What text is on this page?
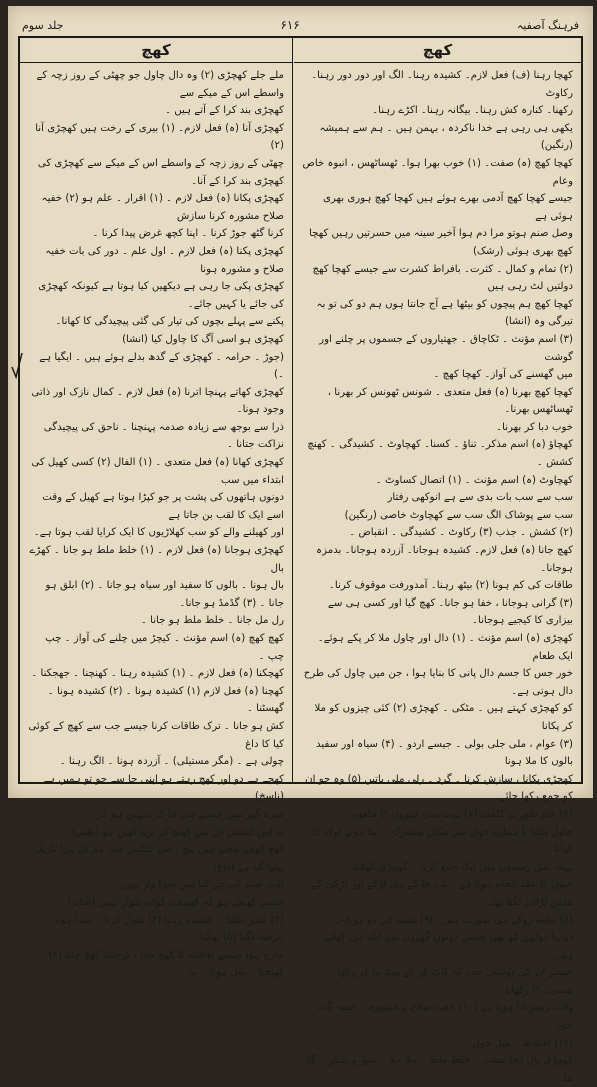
جلد سوم	۶۱۶	فرہنگ آصفیہ
کھچ

ملے جلے کھچڑی (۲) وہ دال چاول جو چھٹی کے روز زچہ کے واسطے اس کے میکے سے

کھچڑی بند کرا کے آتے ہیں ۔

کھچڑی آنا (ہ) فعل لازم۔ (۱) بیری کے رخت ہیں کھچڑی آنا (۲)

چھٹی کے روز زچہ کے واسطے اس کے میکے سے کھچڑی کی کھچڑی بند کرا کے آنا۔

کھچڑی پکانا (ہ) فعل لازم ۔ (۱) اقرار ۔ علم ہو (۲) خفیہ صلاح مشورہ کرنا سازش

کرنا گٹھ جوڑ کرنا ۔ اپنا کچھ غرض پیدا کرنا ۔

کھچڑی پکنا (ہ) فعل لازم ۔ اول علم ۔ دور کی بات خفیہ صلاح و مشورہ ہونا

کھچڑی پکی جا رہی ہے دیکھیں کیا ہوتا ہے کیونکہ کھچڑی کی جائے یا کہیں جائے۔

پکنے سے پہلے بچوں کی تیار کی گئی پیچیدگی کا کھانا۔ کھچڑی ہو اسی آگ کا چاول کیا (انشا)

(جوڑ ۔ حرامہ ۔ کھچڑی کے گدھ بدلے ہوئے ہیں ۔ ایگیا ہے ۔)

کھچڑی کھاتے پہنچا اترنا (ہ) فعل لازم ۔ کمال نازک اور ذاتی وجود ہونا۔

ذرا سے بوجھ سے زیادہ صدمہ پہنچنا ۔ ناحق کی پیچیدگی نزاکت جتانا ۔

کھچڑی کھانا (ہ) فعل متعدی ۔ (۱) الفال (۲) کسی کھیل کی ابتداء میں سب

دونوں ہاتھوں کی پشت پر جو کپڑا ہوتا ہے کھیل کے وقت اسے ایک کا لقب بن جاتا ہے

اور کھیلنے والے کو سب کھلاڑیوں کا ایک کرایا لقب ہوتا ہے۔

کھچڑی ہوجانا (ہ) فعل لازم ۔ (۱) خلط ملط ہو جانا ۔ کھڑے بال

بال ہونا ۔ بالوں کا سفید اور سیاہ ہو جانا ۔ (۲) ابلق ہو جانا ۔ (۳) گڈمڈ ہو جانا۔

رل مل جانا ۔ خلط ملط ہو جانا ۔

کھچ کھچ (ہ) اسم مؤنث ۔ کیچڑ میں چلنے کی آواز ۔ چپ چپ ۔

کھچکنا (ہ) فعل لازم ۔ (۱) کشیدہ رہنا ۔ کھنچنا ۔ جھجکنا ۔

کھچنا (ہ) فعل لازم (۱) کشیدہ ہونا ۔ (۲) کشیدہ ہونا ۔ گھسٹنا ۔

کش ہو جانا ۔ ترک طاقات کرنا جیسے جب سے کھچ کے کوئی کیا کا داغ

چولی ہے ۔ (مگر مستیلی) ۔ آزردہ ہونا ۔ الگ رہنا ۔

کھچے ہے دو اور کھچ رہتے ہو اپنی جا سے جو تو ہمیں ہے (ناسخ)

میرے گھر میں جیسے ہی جا کر تمہیں ہو کر

بد اس کشش دل سے کھنچ کر ترے کھیں ہو (ظفر)

کھچ کھچے بیچتے ہیں بیچ ، اس کلکش میں ہم ان پیرا تاریک بیٹھا گیا ہے (داغ)

لذت ستم کی ہے کیا میں سزا وار نہیں

جیسے کھنچے ہو کہ کھینچی کوئی تلوار نہیں (صابر)

(۳) عمق نکلنا ۔ کشیدہ رہنا (۴) طول کرنا ۔ مندا ہونا ۔ عرصہ لگنا (۵) بھکنا ۔

خارج ہوا جیسے طاقت کا کھچ جانا ، ترجمہ کھچ جانا (۶) کھنچنا ۔ نقل ہونا ۔ بنا

کھچ

کھچا رہنا (ف) فعل لازم۔ کشیدہ رہنا۔ الگ اور دور دور رہنا۔ رکاوٹ

رکھنا۔ کنارہ کش رہنا۔ بیگانہ رہنا۔ اکڑے رہنا۔

یکھی ہی رہی ہے خدا ناکردہ ، بہمن ہیں ۔ ہم سے ہمیشہ (رنگین)

کھچا کھچ (ہ) صفت۔ (۱) خوب بھرا ہوا۔ ٹھساٹھس ، انبوہ خاص وعام

جیسے کھچا کھچ آدمی بھرے ہوئے ہیں کھچا کھچ ہوری بھری ہوئی ہے

وصل صنم ہوتو مرا دم ہوا آخیر سینہ میں حسرتیں رہیں کھچا کھچ بھری ہوئی (رشک)

(۲) تمام و کمال ۔ کثرت۔ بافراط کشرت سے جیسے کھچا کھچ دولتیں لٹ رہی ہیں

کھچا کھچ ہم پیچوں کو بیٹھا ہے آج جانتا ہوں ہم دو کی تو بہ تیرگی وہ (انشا)

(۳) اسم مؤنث ۔ ٹکاچاق ۔ جھتیاروں کے جسموں پر چلنے اور گوشت

میں گھسنے کی آواز۔ کھچا کھچ ۔

کھچا کھچ بھرنا (ہ) فعل متعدی ۔ شونس ٹھونس کر بھرنا ، ٹھساٹھس بھرنا۔

خوب دبا کر بھرنا۔

کھچاؤ (ہ) اسم مذکر۔ تناؤ ۔ کسنا۔ کھچاوٹ ۔ کشیدگی ۔ کھنچ کشش ۔

کھچاوٹ (ہ) اسم مؤنث ۔ (۱) اتصال کساوٹ ۔

سب سے سب بات بدی سے ہے انوکھی رفتار

سب سے پوشاک الگ سب سے کھچاوٹ خاصی (رنگین)

(۲) کشش ۔ جذب (۳) رکاوٹ ۔ کشیدگی ۔ انقباض ۔

کھچ جانا (ہ) فعل لازم۔ کشیدہ ہوجانا۔ آزردہ ہوجانا۔ بدمزہ ہوجانا۔

طاقات کی کم ہونا (۲) بیٹھ رہنا۔ آمدورفت موقوف کرنا۔

(۳) گرانی ہوجانا ، خفا ہو جانا۔ کھچ گیا اور کسی ہی سے بیزاری کا کیجیے ہوجانا۔

کھچڑی (ہ) اسم مؤنث ۔ (۱) دال اور چاول ملا کر پکے ہوئے۔ ایک طعام

خور جس کا جسم دال پانی کا بنایا ہوا ، جن میں چاول کی طرح دال ہوتی ہے۔

کو کھچڑی کہتے ہیں ۔ مٹکی ۔ کھچڑی (۲) کئی چیزوں کو ملا کر پکانا

(۳) عوام ، ملی جلی بولی ۔ جیسے اردو ۔ (۴) سیاہ اور سفید بالوں کا ملا ہونا

کھچڑی پکانا ، سازش کرنا ۔ گرد ۔ رلی ملی باتیں (۵) وہ جو ان کو جمع رکھا جائے۔

(۶) عام طور پر کلفت (۷) بہت سی چیزوں کا ملغوبہ

چاول پکانا یا ہمارے خیال سے مکان مشترکہ ۔ پنا ہوئے اولاد کا کھانا۔

بہت سی رسموں میں ایک جمع کرنا ۔ کھچڑی کھلانا ۔

جنوں کا عقد انجام ہوتا ہے ۔ تب جا کے ہی لڑکے اور لڑکی کے مابین لڑائی لگتا تھا۔

(۸) عامہ روکے ہی صورت ہیں۔ (۹) غصہ کی دو جرعہ۔

دولہا دولہن کو بھی جیسے دونوں گھروں سے ایک ہی کھاتے ہیں۔

جیسے ان کی دوستی جب کہ کاٹ کر کے پیٹ بنا کر رکھا۔ پیسی۔ کا رکھانا

وقت رسم ادا ہوتا ہے (۱۰) خفیہ صلاح و مشورہ ۔ خفیہ گٹ جوڑ

(۱۱) اختلاط ۔ میل جول۔

کھچڑی بال (ہ) صفت ۔ خلط ملط ۔ ملا جلا ۔ شیر و شکر ۔ گڈ مڈ
